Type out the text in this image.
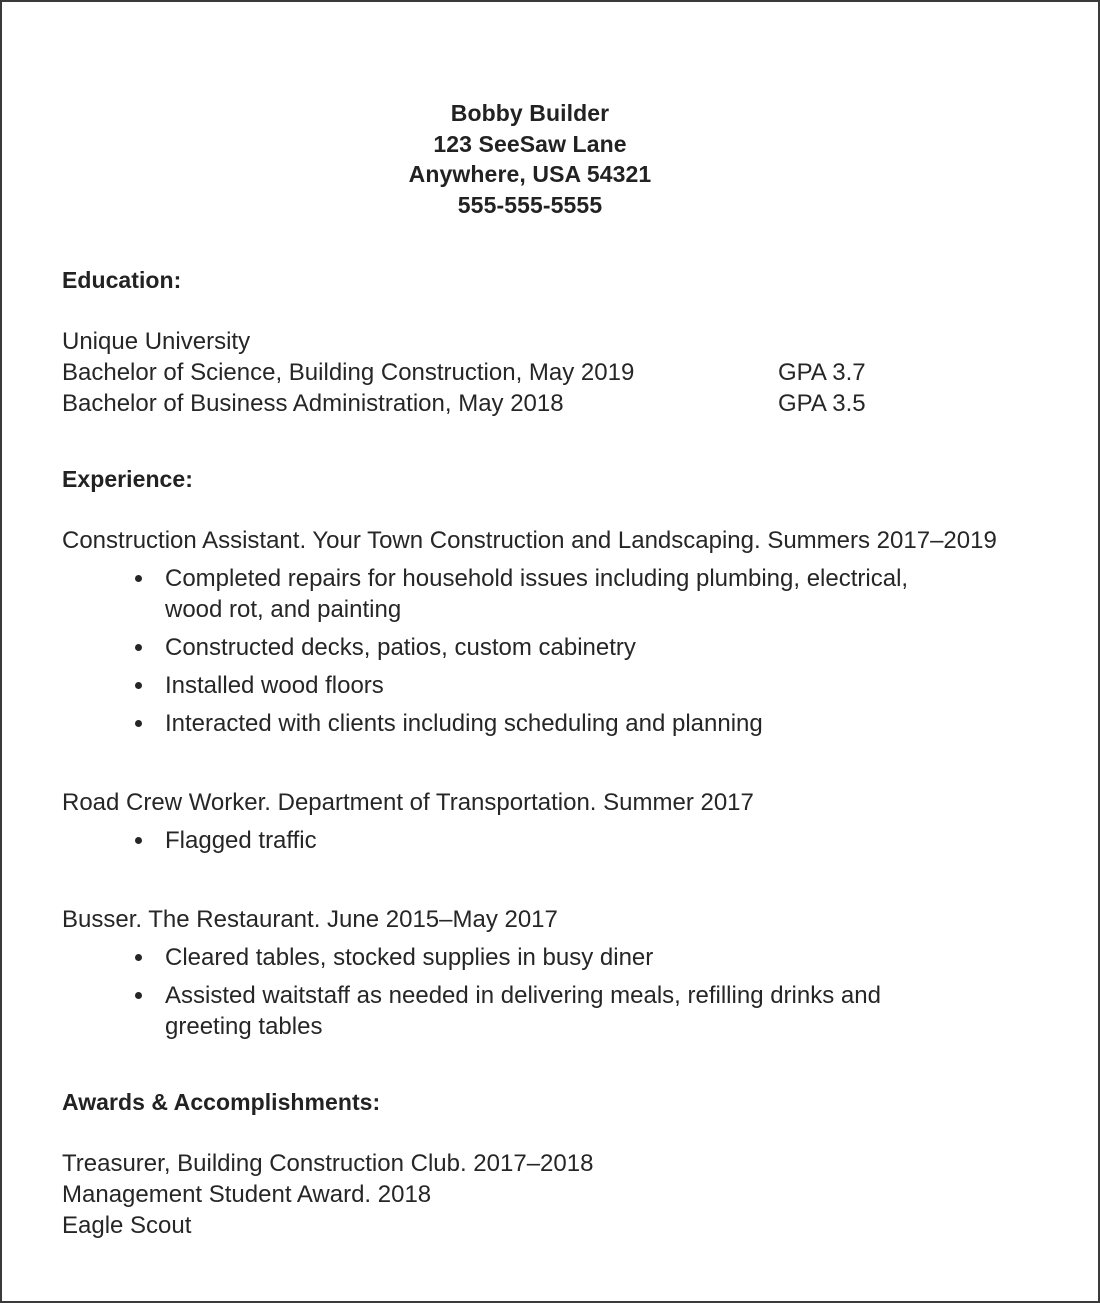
Bobby Builder
123 SeeSaw Lane
Anywhere, USA 54321
555-555-5555
Education:
Unique University
Bachelor of Science, Building Construction, May 2019	GPA 3.7
Bachelor of Business Administration, May 2018	GPA 3.5
Experience:
Construction Assistant. Your Town Construction and Landscaping. Summers 2017–2019
Completed repairs for household issues including plumbing, electrical, wood rot, and painting
Constructed decks, patios, custom cabinetry
Installed wood floors
Interacted with clients including scheduling and planning
Road Crew Worker. Department of Transportation. Summer 2017
Flagged traffic
Busser. The Restaurant. June 2015–May 2017
Cleared tables, stocked supplies in busy diner
Assisted waitstaff as needed in delivering meals, refilling drinks and greeting tables
Awards & Accomplishments:
Treasurer, Building Construction Club. 2017–2018
Management Student Award. 2018
Eagle Scout
